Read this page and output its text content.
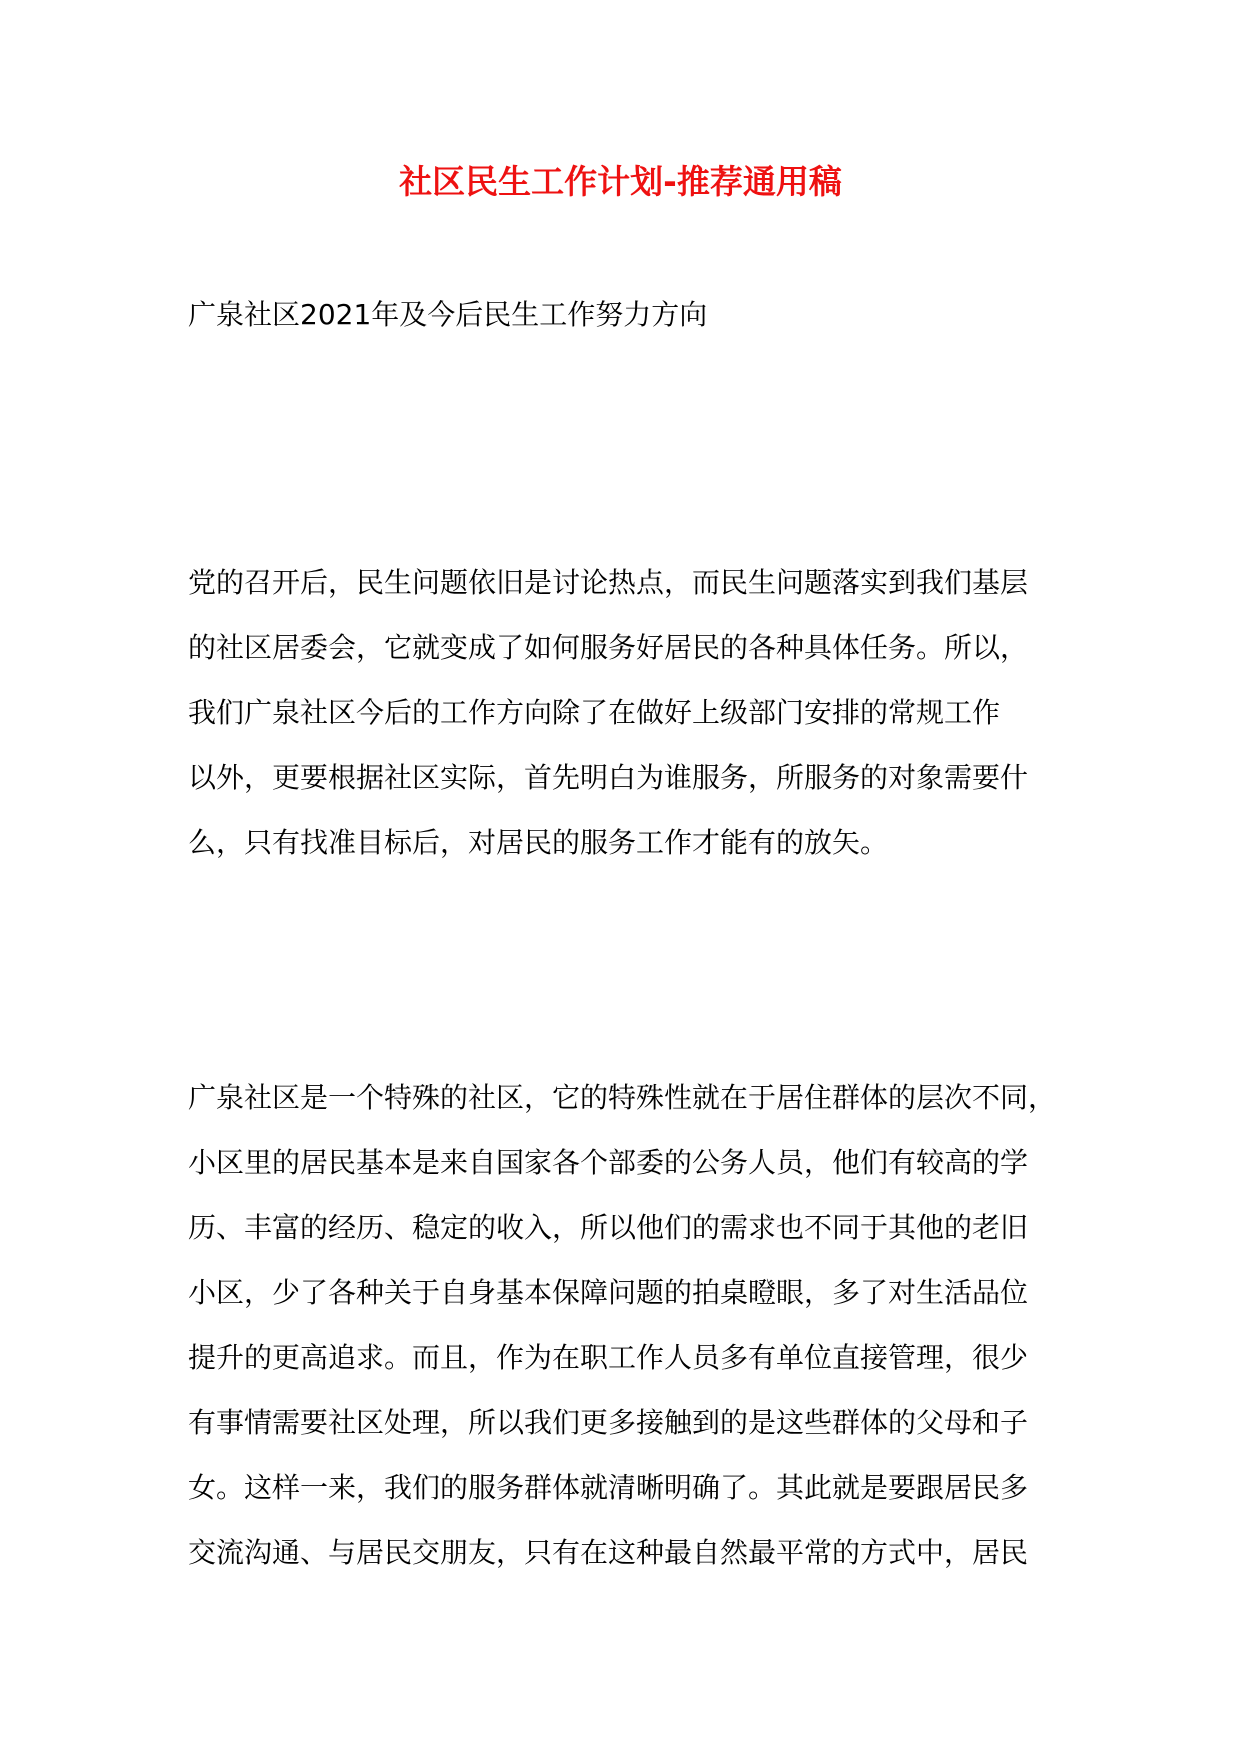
社区民生工作计划-推荐通用稿

广泉社区2021年及今后民生工作努力方向

党的召开后，民生问题依旧是讨论热点，而民生问题落实到我们基层
的社区居委会，它就变成了如何服务好居民的各种具体任务。所以，
我们广泉社区今后的工作方向除了在做好上级部门安排的常规工作
以外，更要根据社区实际，首先明白为谁服务，所服务的对象需要什
么，只有找准目标后，对居民的服务工作才能有的放矢。
广泉社区是一个特殊的社区，它的特殊性就在于居住群体的层次不同，
小区里的居民基本是来自国家各个部委的公务人员，他们有较高的学
历、丰富的经历、稳定的收入，所以他们的需求也不同于其他的老旧
小区，少了各种关于自身基本保障问题的拍桌瞪眼，多了对生活品位
提升的更高追求。而且，作为在职工作人员多有单位直接管理，很少
有事情需要社区处理，所以我们更多接触到的是这些群体的父母和子
女。这样一来，我们的服务群体就清晰明确了。其此就是要跟居民多
交流沟通、与居民交朋友，只有在这种最自然最平常的方式中，居民
